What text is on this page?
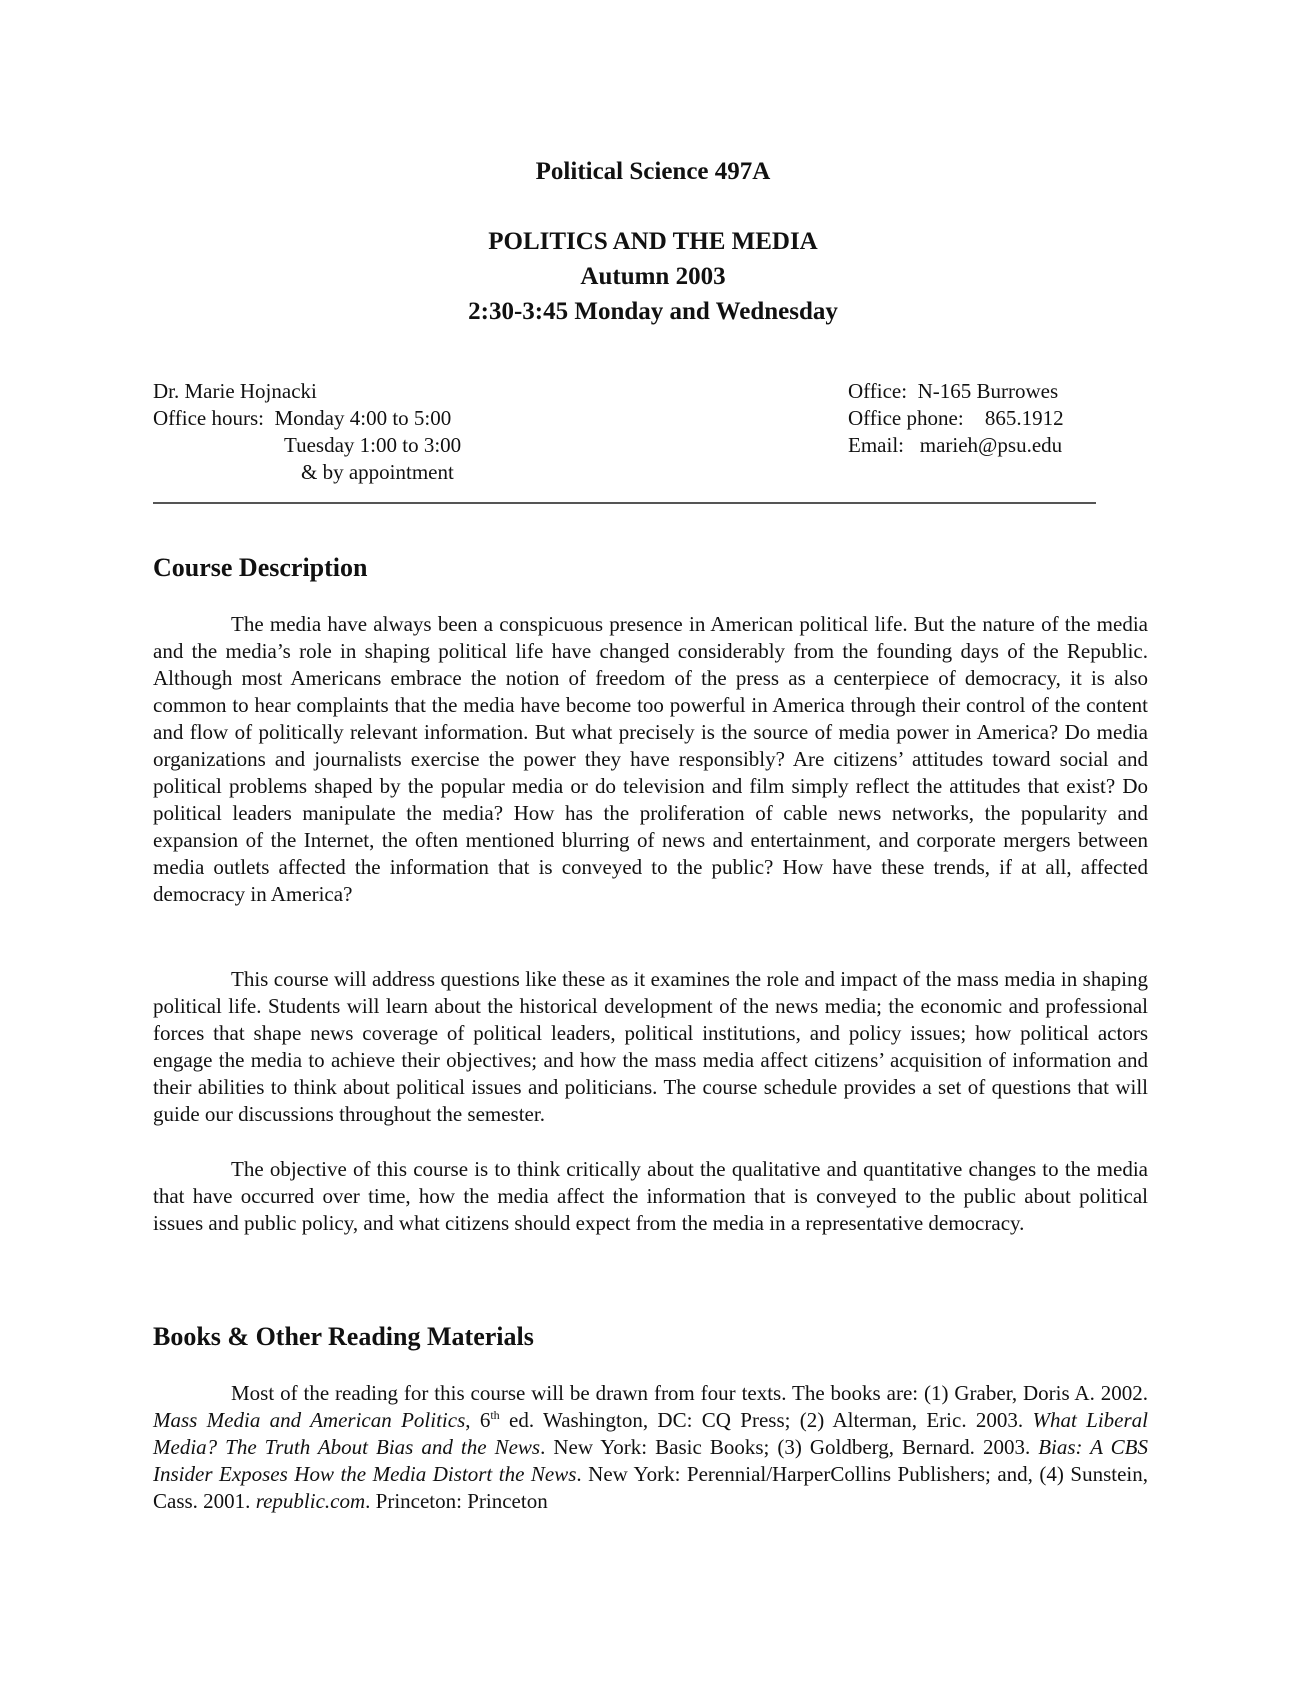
Political Science 497A
POLITICS AND THE MEDIA
Autumn 2003
2:30-3:45 Monday and Wednesday
Dr. Marie Hojnacki
Office hours: Monday 4:00 to 5:00
Tuesday 1:00 to 3:00
& by appointment
Office: N-165 Burrowes
Office phone: 865.1912
Email: marieh@psu.edu
Course Description

The media have always been a conspicuous presence in American political life. But the nature of the media and the media’s role in shaping political life have changed considerably from the founding days of the Republic. Although most Americans embrace the notion of freedom of the press as a centerpiece of democracy, it is also common to hear complaints that the media have become too powerful in America through their control of the content and flow of politically relevant information. But what precisely is the source of media power in America? Do media organizations and journalists exercise the power they have responsibly? Are citizens’ attitudes toward social and political problems shaped by the popular media or do television and film simply reflect the attitudes that exist? Do political leaders manipulate the media? How has the proliferation of cable news networks, the popularity and expansion of the Internet, the often mentioned blurring of news and entertainment, and corporate mergers between media outlets affected the information that is conveyed to the public? How have these trends, if at all, affected democracy in America?

This course will address questions like these as it examines the role and impact of the mass media in shaping political life. Students will learn about the historical development of the news media; the economic and professional forces that shape news coverage of political leaders, political institutions, and policy issues; how political actors engage the media to achieve their objectives; and how the mass media affect citizens’ acquisition of information and their abilities to think about political issues and politicians. The course schedule provides a set of questions that will guide our discussions throughout the semester.

The objective of this course is to think critically about the qualitative and quantitative changes to the media that have occurred over time, how the media affect the information that is conveyed to the public about political issues and public policy, and what citizens should expect from the media in a representative democracy.

Books & Other Reading Materials

Most of the reading for this course will be drawn from four texts. The books are: (1) Graber, Doris A. 2002. Mass Media and American Politics, 6th ed. Washington, DC: CQ Press; (2) Alterman, Eric. 2003. What Liberal Media? The Truth About Bias and the News. New York: Basic Books; (3) Goldberg, Bernard. 2003. Bias: A CBS Insider Exposes How the Media Distort the News. New York: Perennial/HarperCollins Publishers; and, (4) Sunstein, Cass. 2001. republic.com. Princeton: Princeton
